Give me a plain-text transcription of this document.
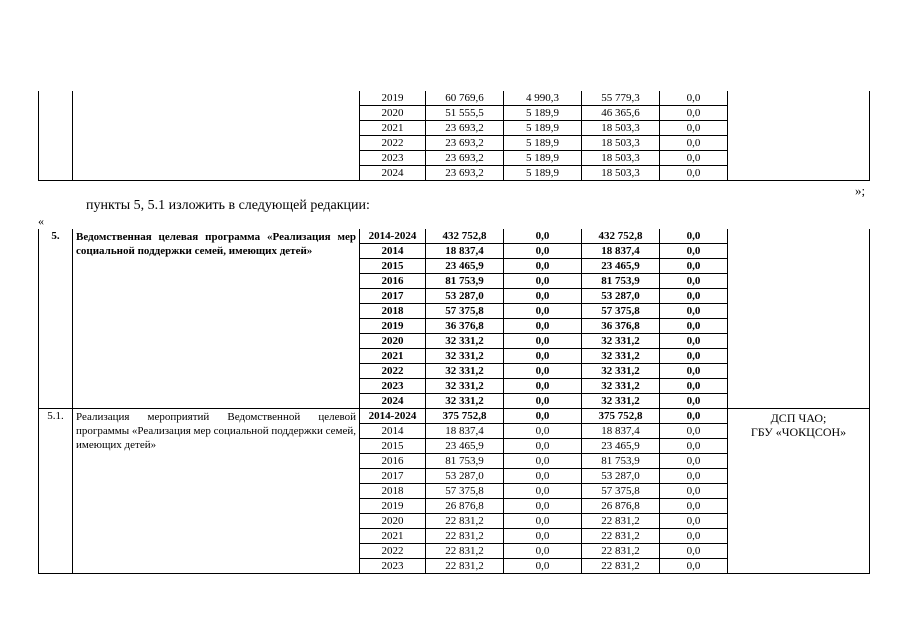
		2019	60 769,6	4 990,3	55 779,3	0,0	
		2020	51 555,5	5 189,9	46 365,6	0,0	
		2021	23 693,2	5 189,9	18 503,3	0,0	
		2022	23 693,2	5 189,9	18 503,3	0,0	
		2023	23 693,2	5 189,9	18 503,3	0,0	
		2024	23 693,2	5 189,9	18 503,3	0,0	
»;
пункты 5, 5.1 изложить в следующей редакции:
«
5.	Ведомственная целевая программа «Реализация мер социальной поддержки семей, имеющих детей»	2014-2024	432 752,8	0,0	432 752,8	0,0	
		2014	18 837,4	0,0	18 837,4	0,0	
		2015	23 465,9	0,0	23 465,9	0,0	
		2016	81 753,9	0,0	81 753,9	0,0	
		2017	53 287,0	0,0	53 287,0	0,0	
		2018	57 375,8	0,0	57 375,8	0,0	
		2019	36 376,8	0,0	36 376,8	0,0	
		2020	32 331,2	0,0	32 331,2	0,0	
		2021	32 331,2	0,0	32 331,2	0,0	
		2022	32 331,2	0,0	32 331,2	0,0	
		2023	32 331,2	0,0	32 331,2	0,0	
		2024	32 331,2	0,0	32 331,2	0,0	
5.1.	Реализация мероприятий Ведомственной целевой программы «Реализация мер социальной поддержки семей, имеющих детей»	2014-2024	375 752,8	0,0	375 752,8	0,0	ДСП ЧАО;
ГБУ «ЧОКЦСОН»

		2014	18 837,4	0,0	18 837,4	0,0	
		2015	23 465,9	0,0	23 465,9	0,0	
		2016	81 753,9	0,0	81 753,9	0,0	
		2017	53 287,0	0,0	53 287,0	0,0	
		2018	57 375,8	0,0	57 375,8	0,0	
		2019	26 876,8	0,0	26 876,8	0,0	
		2020	22 831,2	0,0	22 831,2	0,0	
		2021	22 831,2	0,0	22 831,2	0,0	
		2022	22 831,2	0,0	22 831,2	0,0	
		2023	22 831,2	0,0	22 831,2	0,0	
